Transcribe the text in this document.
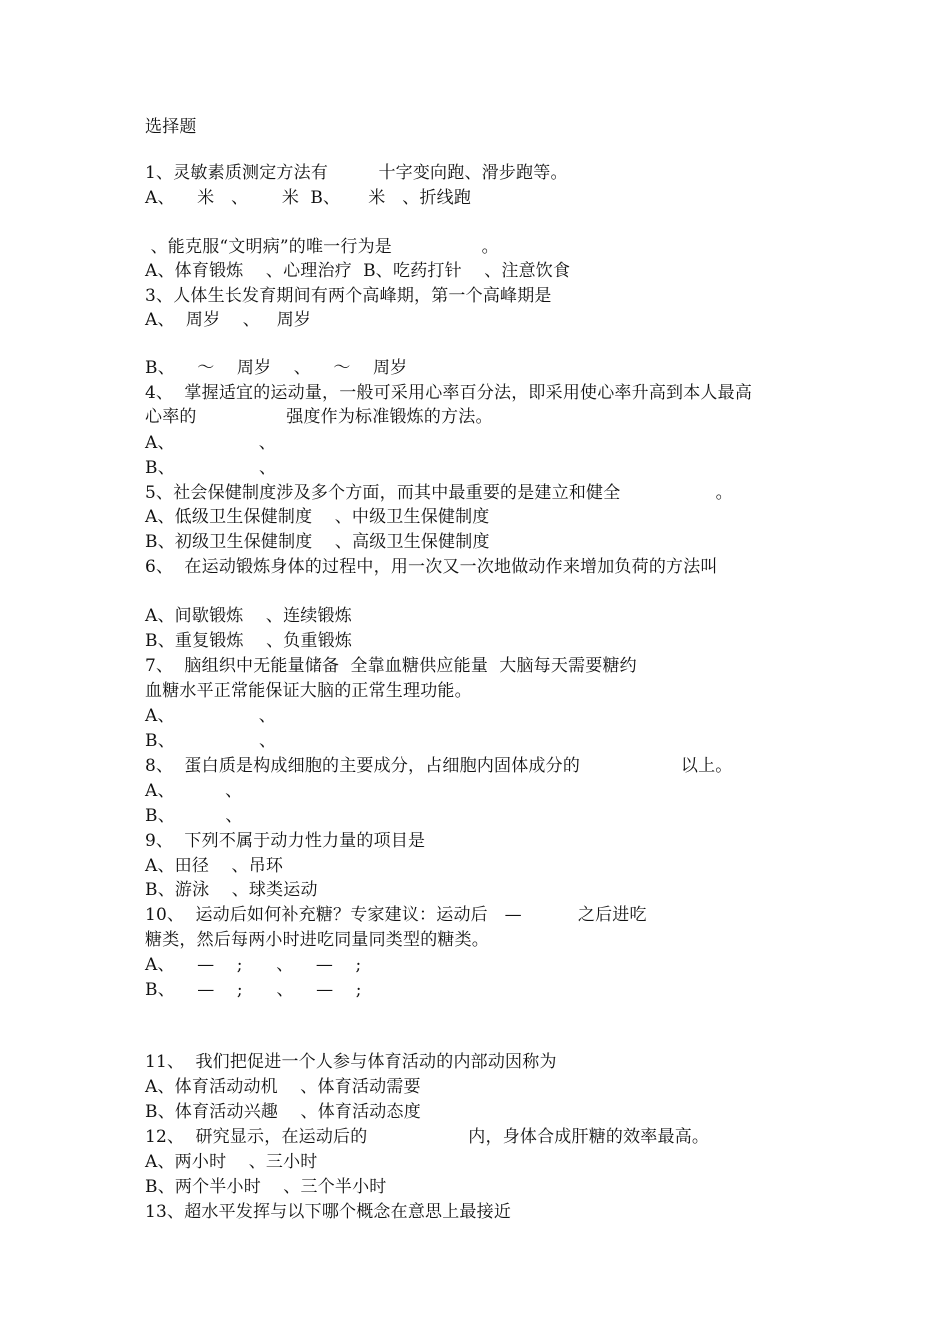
选择题
1、灵敏素质测定方法有         十字变向跑、滑步跑等。
A、    米   、      米  B、     米   、折线跑
、能克服“文明病”的唯一行为是                。
A、体育锻炼    、心理治疗  B、吃药打针    、注意饮食
3、人体生长发育期间有两个高峰期，第一个高峰期是
A、  周岁    、   周岁
B、    ～    周岁    、    ～    周岁
4、  掌握适宜的运动量，一般可采用心率百分法，即采用使心率升高到本人最高
心率的                强度作为标准锻炼的方法。
A、               、
B、               、
5、社会保健制度涉及多个方面，而其中最重要的是建立和健全                 。
A、低级卫生保健制度    、中级卫生保健制度
B、初级卫生保健制度    、高级卫生保健制度
6、  在运动锻炼身体的过程中，用一次又一次地做动作来增加负荷的方法叫
A、间歇锻炼    、连续锻炼
B、重复锻炼    、负重锻炼
7、  脑组织中无能量储备  全靠血糖供应能量  大脑每天需要糖约
血糖水平正常能保证大脑的正常生理功能。
A、               、
B、               、
8、  蛋白质是构成细胞的主要成分，占细胞内固体成分的                  以上。
A、         、
B、         、
9、  下列不属于动力性力量的项目是
A、田径    、吊环
B、游泳    、球类运动
10、  运动后如何补充糖？专家建议：运动后   —          之后进吃
糖类，然后每两小时进吃同量同类型的糖类。
A、    —    ;      、    —    ;
B、    —    ;      、    —    ;
11、  我们把促进一个人参与体育活动的内部动因称为
A、体育活动动机    、体育活动需要
B、体育活动兴趣    、体育活动态度
12、  研究显示，在运动后的                  内，身体合成肝糖的效率最高。
A、两小时    、三小时
B、两个半小时    、三个半小时
13、超水平发挥与以下哪个概念在意思上最接近
